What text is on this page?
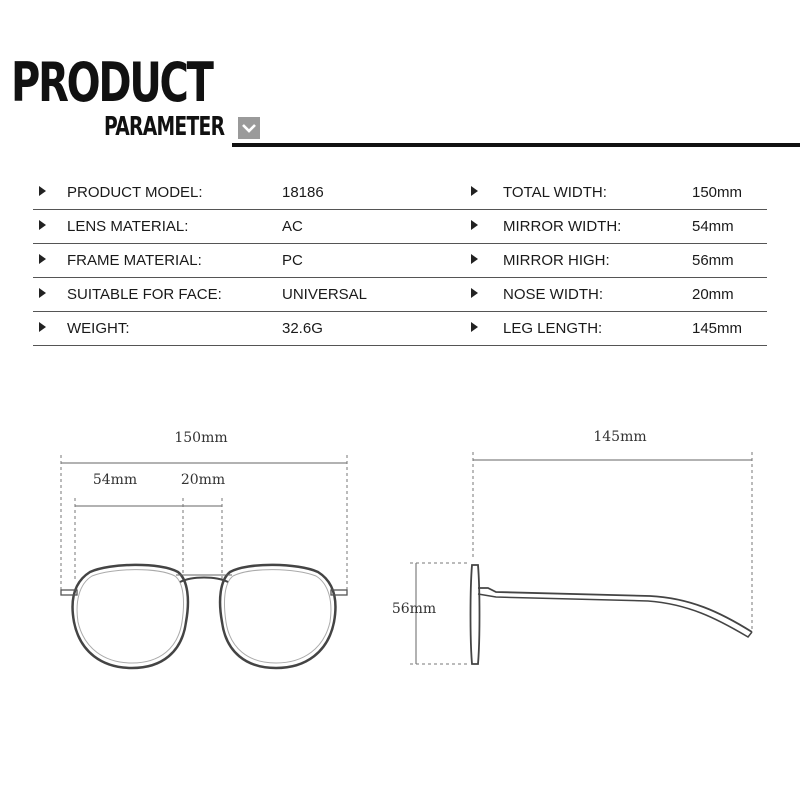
PRODUCT
PARAMETER
PRODUCT MODEL:	18186	TOTAL WIDTH:	150mm
LENS MATERIAL:	AC	MIRROR WIDTH:	54mm
FRAME MATERIAL:	PC	MIRROR HIGH:	56mm
SUITABLE FOR FACE:	UNIVERSAL	NOSE WIDTH:	20mm
WEIGHT:	32.6G	LEG LENGTH:	145mm
150mm
54mm	20mm
145mm
56mm
